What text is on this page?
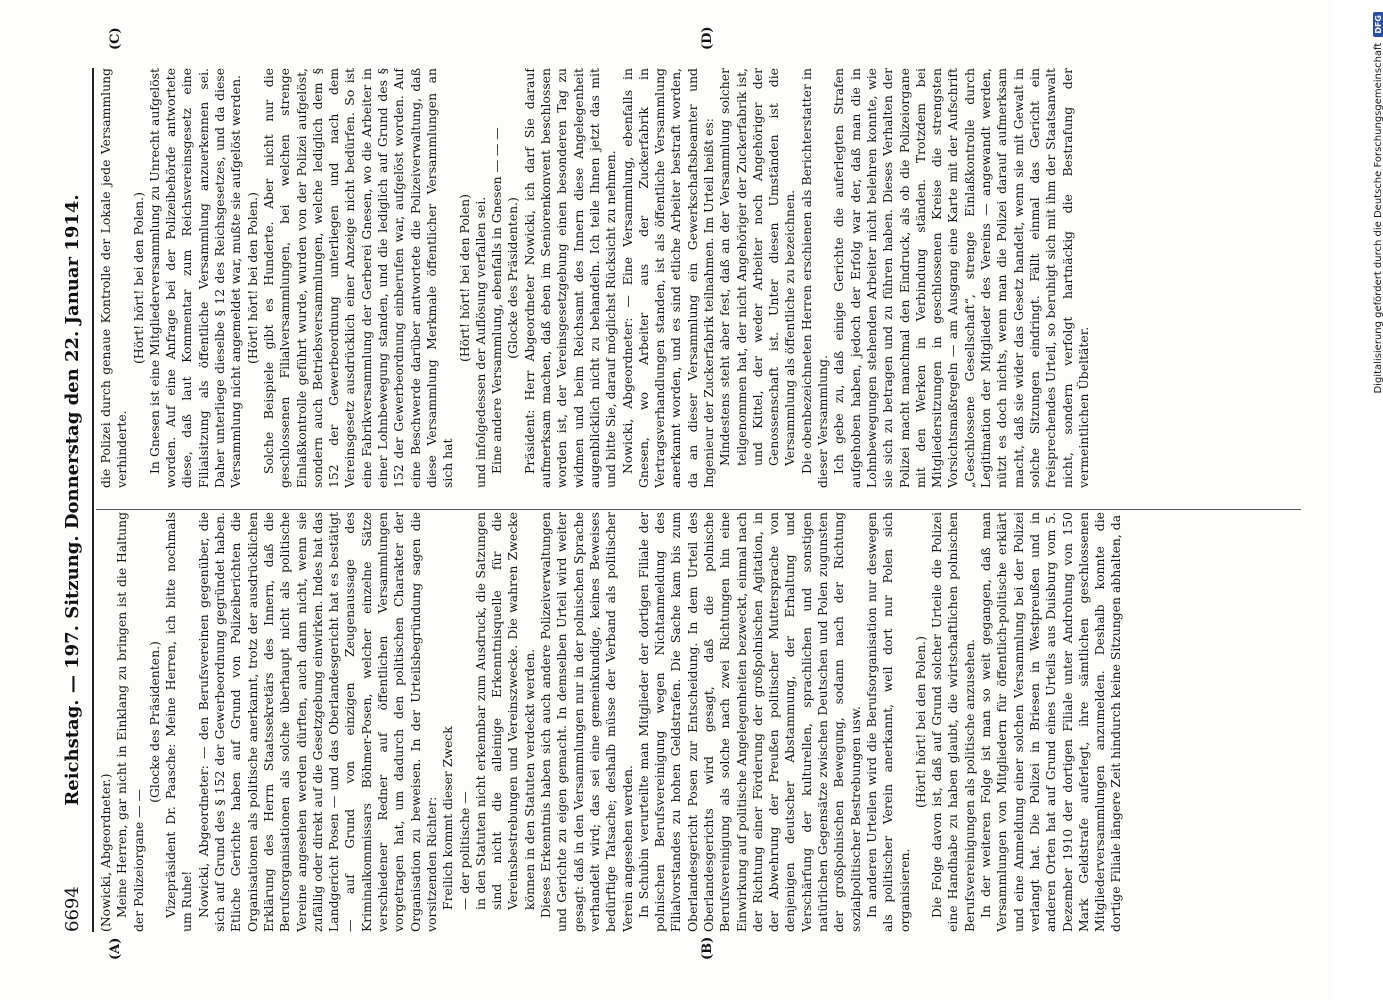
6694
Reichstag. — 197. Sitzung. Donnerstag den 22. Januar 1914.
(A)	(B)
(C)	(D)

(Nowicki, Abgeordneter.) Meine Herren, gar nicht in Einklang zu bringen ist die Haltung der Polizeiorgane — —

(Glocke des Präsidenten.) Vizepräsident Dr. Paasche: Meine Herren, ich bitte nochmals um Ruhe! Nowicki, Abgeordneter: — den Berufsvereinen gegenüber, die sich auf Grund des § 152 der Gewerbeordnung gegründet haben. Etliche Gerichte haben auf Grund von Polizeiberichten die Organisationen als politische anerkannt, trotz der ausdrücklichen Erklärung des Herrn Staatssekretärs des Innern, daß die Berufsorganisationen als solche überhaupt nicht als politische Vereine angesehen werden dürften, auch dann nicht, wenn sie zufällig oder direkt auf die Gesetzgebung einwirken. Indes hat das Landgericht Posen — und das Oberlandesgericht hat es bestätigt — auf Grund von einzigen Zeugenaussage des Kriminalkommissars Böhmer-Posen, welcher einzelne Sätze verschiedener Redner auf öffentlichen Versammlungen vorgetragen hat, um dadurch den politischen Charakter der Organisation zu beweisen. In der Urteilsbegründung sagen die vorsitzenden Richter: Freilich kommt dieser Zweck — der politische — in den Statuten nicht erkennbar zum Ausdruck, die Satzungen sind nicht die alleinige Erkenntnisquelle für die Vereinsbestrebungen und Vereinszwecke. Die wahren Zwecke können in den Statuten verdeckt werden. Dieses Erkenntnis haben sich auch andere Polizeiverwaltungen und Gerichte zu eigen gemacht. In demselben Urteil wird weiter gesagt: daß in den Versammlungen nur in der polnischen Sprache verhandelt wird; das sei eine gemeinkundige, keines Beweises bedürftige Tatsache; deshalb müsse der Verband als politischer Verein angesehen werden. In Schubin verurteilte man Mitglieder der dortigen Filiale der polnischen Berufsvereinigung wegen Nichtanmeldung des Filialvorstandes zu hohen Geldstrafen. Die Sache kam bis zum Oberlandesgericht Posen zur Entscheidung. In dem Urteil des Oberlandesgerichts wird gesagt, daß die polnische Berufsvereinigung als solche nach zwei Richtungen hin eine Einwirkung auf politische Angelegenheiten bezweckt, einmal nach der Richtung einer Förderung der großpolnischen Agitation, in der Abwehrung der Preußen politischer Muttersprache von denjenigen deutscher Abstammung, der Erhaltung und Verschärfung der kulturellen, sprachlichen und sonstigen natürlichen Gegensätze zwischen Deutschen und Polen zugunsten der großpolnischen Bewegung, sodann nach der Richtung sozialpolitischer Bestrebungen usw. In anderen Urteilen wird die Berufsorganisation nur deswegen als politischer Verein anerkannt, weil dort nur Polen sich organisieren.

(Hört! hört! bei den Polen.) Die Folge davon ist, daß auf Grund solcher Urteile die Polizei eine Handhabe zu haben glaubt, die wirtschaftlichen polnischen Berufsvereinigungen als politische anzusehen. In der weiteren Folge ist man so weit gegangen, daß man Versammlungen von Mitgliedern für öffentlich-politische erklärt und eine Anmeldung einer solchen Versammlung bei der Polizei verlangt hat. Die Polizei in Briesen in Westpreußen und in anderen Orten hat auf Grund eines Urteils aus Duisburg vom 5. Dezember 1910 der dortigen Filiale unter Androhung von 150 Mark Geldstrafe auferlegt, ihre sämtlichen geschlossenen Mitgliederversammlungen anzumelden. Deshalb konnte die dortige Filiale längere Zeit hindurch keine Sitzungen abhalten, da

die Polizei durch genaue Kontrolle der Lokale jede Versammlung verhinderte.

(Hört! hört! bei den Polen.) In Gnesen ist eine Mitgliederversammlung zu Unrecht aufgelöst worden. Auf eine Anfrage bei der Polizeibehörde antwortete diese, daß laut Kommentar zum Reichsvereinsgesetz eine Filialsitzung als öffentliche Versammlung anzuerkennen sei. Daher unterliege dieselbe § 12 des Reichsgesetzes, und da diese Versammlung nicht angemeldet war, mußte sie aufgelöst werden. (Hört! hört! bei den Polen.) Solche Beispiele gibt es Hunderte. Aber nicht nur die geschlossenen Filialversammlungen, bei welchen strenge Einlaßkontrolle geführt wurde, wurden von der Polizei aufgelöst, sondern auch Betriebsversammlungen, welche lediglich dem § 152 der Gewerbeordnung unterliegen und nach dem Vereinsgesetz ausdrücklich einer Anzeige nicht bedürfen. So ist eine Fabrikversammlung der Gerberei Gnesen, wo die Arbeiter in einer Lohnbewegung standen, und die lediglich auf Grund des § 152 der Gewerbeordnung einberufen war, aufgelöst worden. Auf eine Beschwerde darüber antwortete die Polizeiverwaltung, daß diese Versammlung Merkmale öffentlicher Versammlungen an sich hat

(Hört! hört! bei den Polen) und infolgedessen der Auflösung verfallen sei. Eine andere Versammlung, ebenfalls in Gnesen — — — (Glocke des Präsidenten.) Präsident: Herr Abgeordneter Nowicki, ich darf Sie darauf aufmerksam machen, daß eben im Seniorenkonvent beschlossen worden ist, der Vereinsgesetzgebung einen besonderen Tag zu widmen und beim Reichsamt des Innern diese Angelegenheit augenblicklich nicht zu behandeln. Ich teile Ihnen jetzt das mit und bitte Sie, darauf möglichst Rücksicht zu nehmen. Nowicki, Abgeordneter: — Eine Versammlung, ebenfalls in Gnesen, wo Arbeiter aus der Zuckerfabrik in Vertragsverhandlungen standen, ist als öffentliche Versammlung anerkannt worden, und es sind etliche Arbeiter bestraft worden, da an dieser Versammlung ein Gewerkschaftsbeamter und Ingenieur der Zuckerfabrik teilnahmen. Im Urteil heißt es: Mindestens steht aber fest, daß an der Versammlung solcher teilgenommen hat, der nicht Angehöriger der Zuckerfabrik ist, und Kittel, der weder Arbeiter noch Angehöriger der Genossenschaft ist. Unter diesen Umständen ist die Versammlung als öffentliche zu bezeichnen. Die obenbezeichneten Herren erschienen als Berichterstatter in dieser Versammlung. Ich gebe zu, daß einige Gerichte die auferlegten Strafen aufgehoben haben, jedoch der Erfolg war der, daß man die in Lohnbewegungen stehenden Arbeiter nicht belehren konnte, wie sie sich zu betragen und zu führen haben. Dieses Verhalten der Polizei macht manchmal den Eindruck, als ob die Polizeiorgane mit den Werken in Verbindung ständen. Trotzdem bei Mitgliedersitzungen in geschlossenen Kreise die strengsten Vorsichtsmaßregeln — am Ausgang eine Karte mit der Aufschrift „Geschlossene Gesellschaft“, strenge Einlaßkontrolle durch Legitimation der Mitglieder des Vereins — angewandt werden, nützt es doch nichts, wenn man die Polizei darauf aufmerksam macht, daß sie wider das Gesetz handelt, wenn sie mit Gewalt in solche Sitzungen eindringt. Fällt einmal das Gericht ein freisprechendes Urteil, so beruhigt sich mit ihm der Staatsanwalt nicht, sondern verfolgt hartnäckig die Bestrafung der vermeintlichen Übeltäter.

Digitalisierung gefördert durch die Deutsche Forschungsgemeinschaft
DFG
